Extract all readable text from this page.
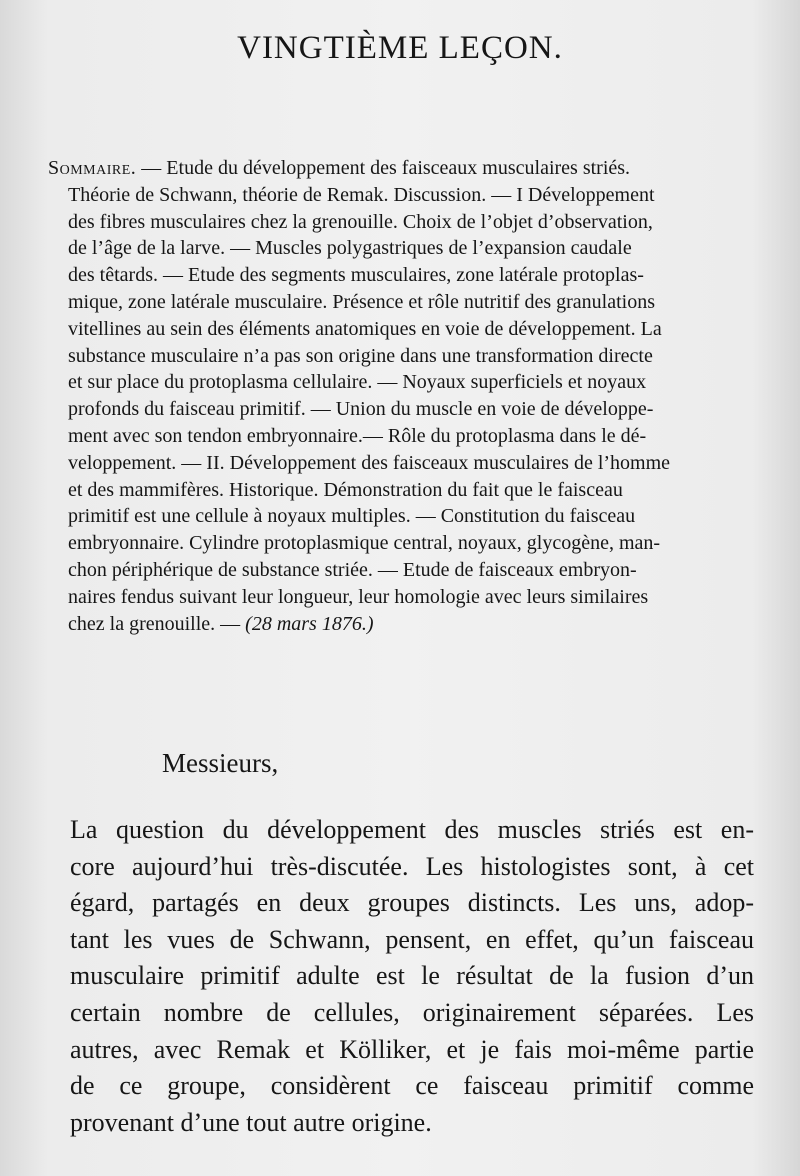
VINGTIÈME LEÇON.
Sommaire. — Etude du développement des faisceaux musculaires striés.
Théorie de Schwann, théorie de Remak. Discussion. — I Développement
des fibres musculaires chez la grenouille. Choix de l’objet d’observation,
de l’âge de la larve. — Muscles polygastriques de l’expansion caudale
des têtards. — Etude des segments musculaires, zone latérale protoplas-
mique, zone latérale musculaire. Présence et rôle nutritif des granulations
vitellines au sein des éléments anatomiques en voie de développement. La
substance musculaire n’a pas son origine dans une transformation directe
et sur place du protoplasma cellulaire. — Noyaux superficiels et noyaux
profonds du faisceau primitif. — Union du muscle en voie de développe-
ment avec son tendon embryonnaire.— Rôle du protoplasma dans le dé-
veloppement. — II. Développement des faisceaux musculaires de l’homme
et des mammifères. Historique. Démonstration du fait que le faisceau
primitif est une cellule à noyaux multiples. — Constitution du faisceau
embryonnaire. Cylindre protoplasmique central, noyaux, glycogène, man-
chon périphérique de substance striée. — Etude de faisceaux embryon-
naires fendus suivant leur longueur, leur homologie avec leurs similaires
chez la grenouille. — (28 mars 1876.)
Messieurs,
La question du développement des muscles striés est en-
core aujourd’hui très-discutée. Les histologistes sont, à cet
égard, partagés en deux groupes distincts. Les uns, adop-
tant les vues de Schwann, pensent, en effet, qu’un faisceau
musculaire primitif adulte est le résultat de la fusion d’un
certain nombre de cellules, originairement séparées. Les
autres, avec Remak et Kölliker, et je fais moi-même partie
de ce groupe, considèrent ce faisceau primitif comme
provenant d’une tout autre origine.
